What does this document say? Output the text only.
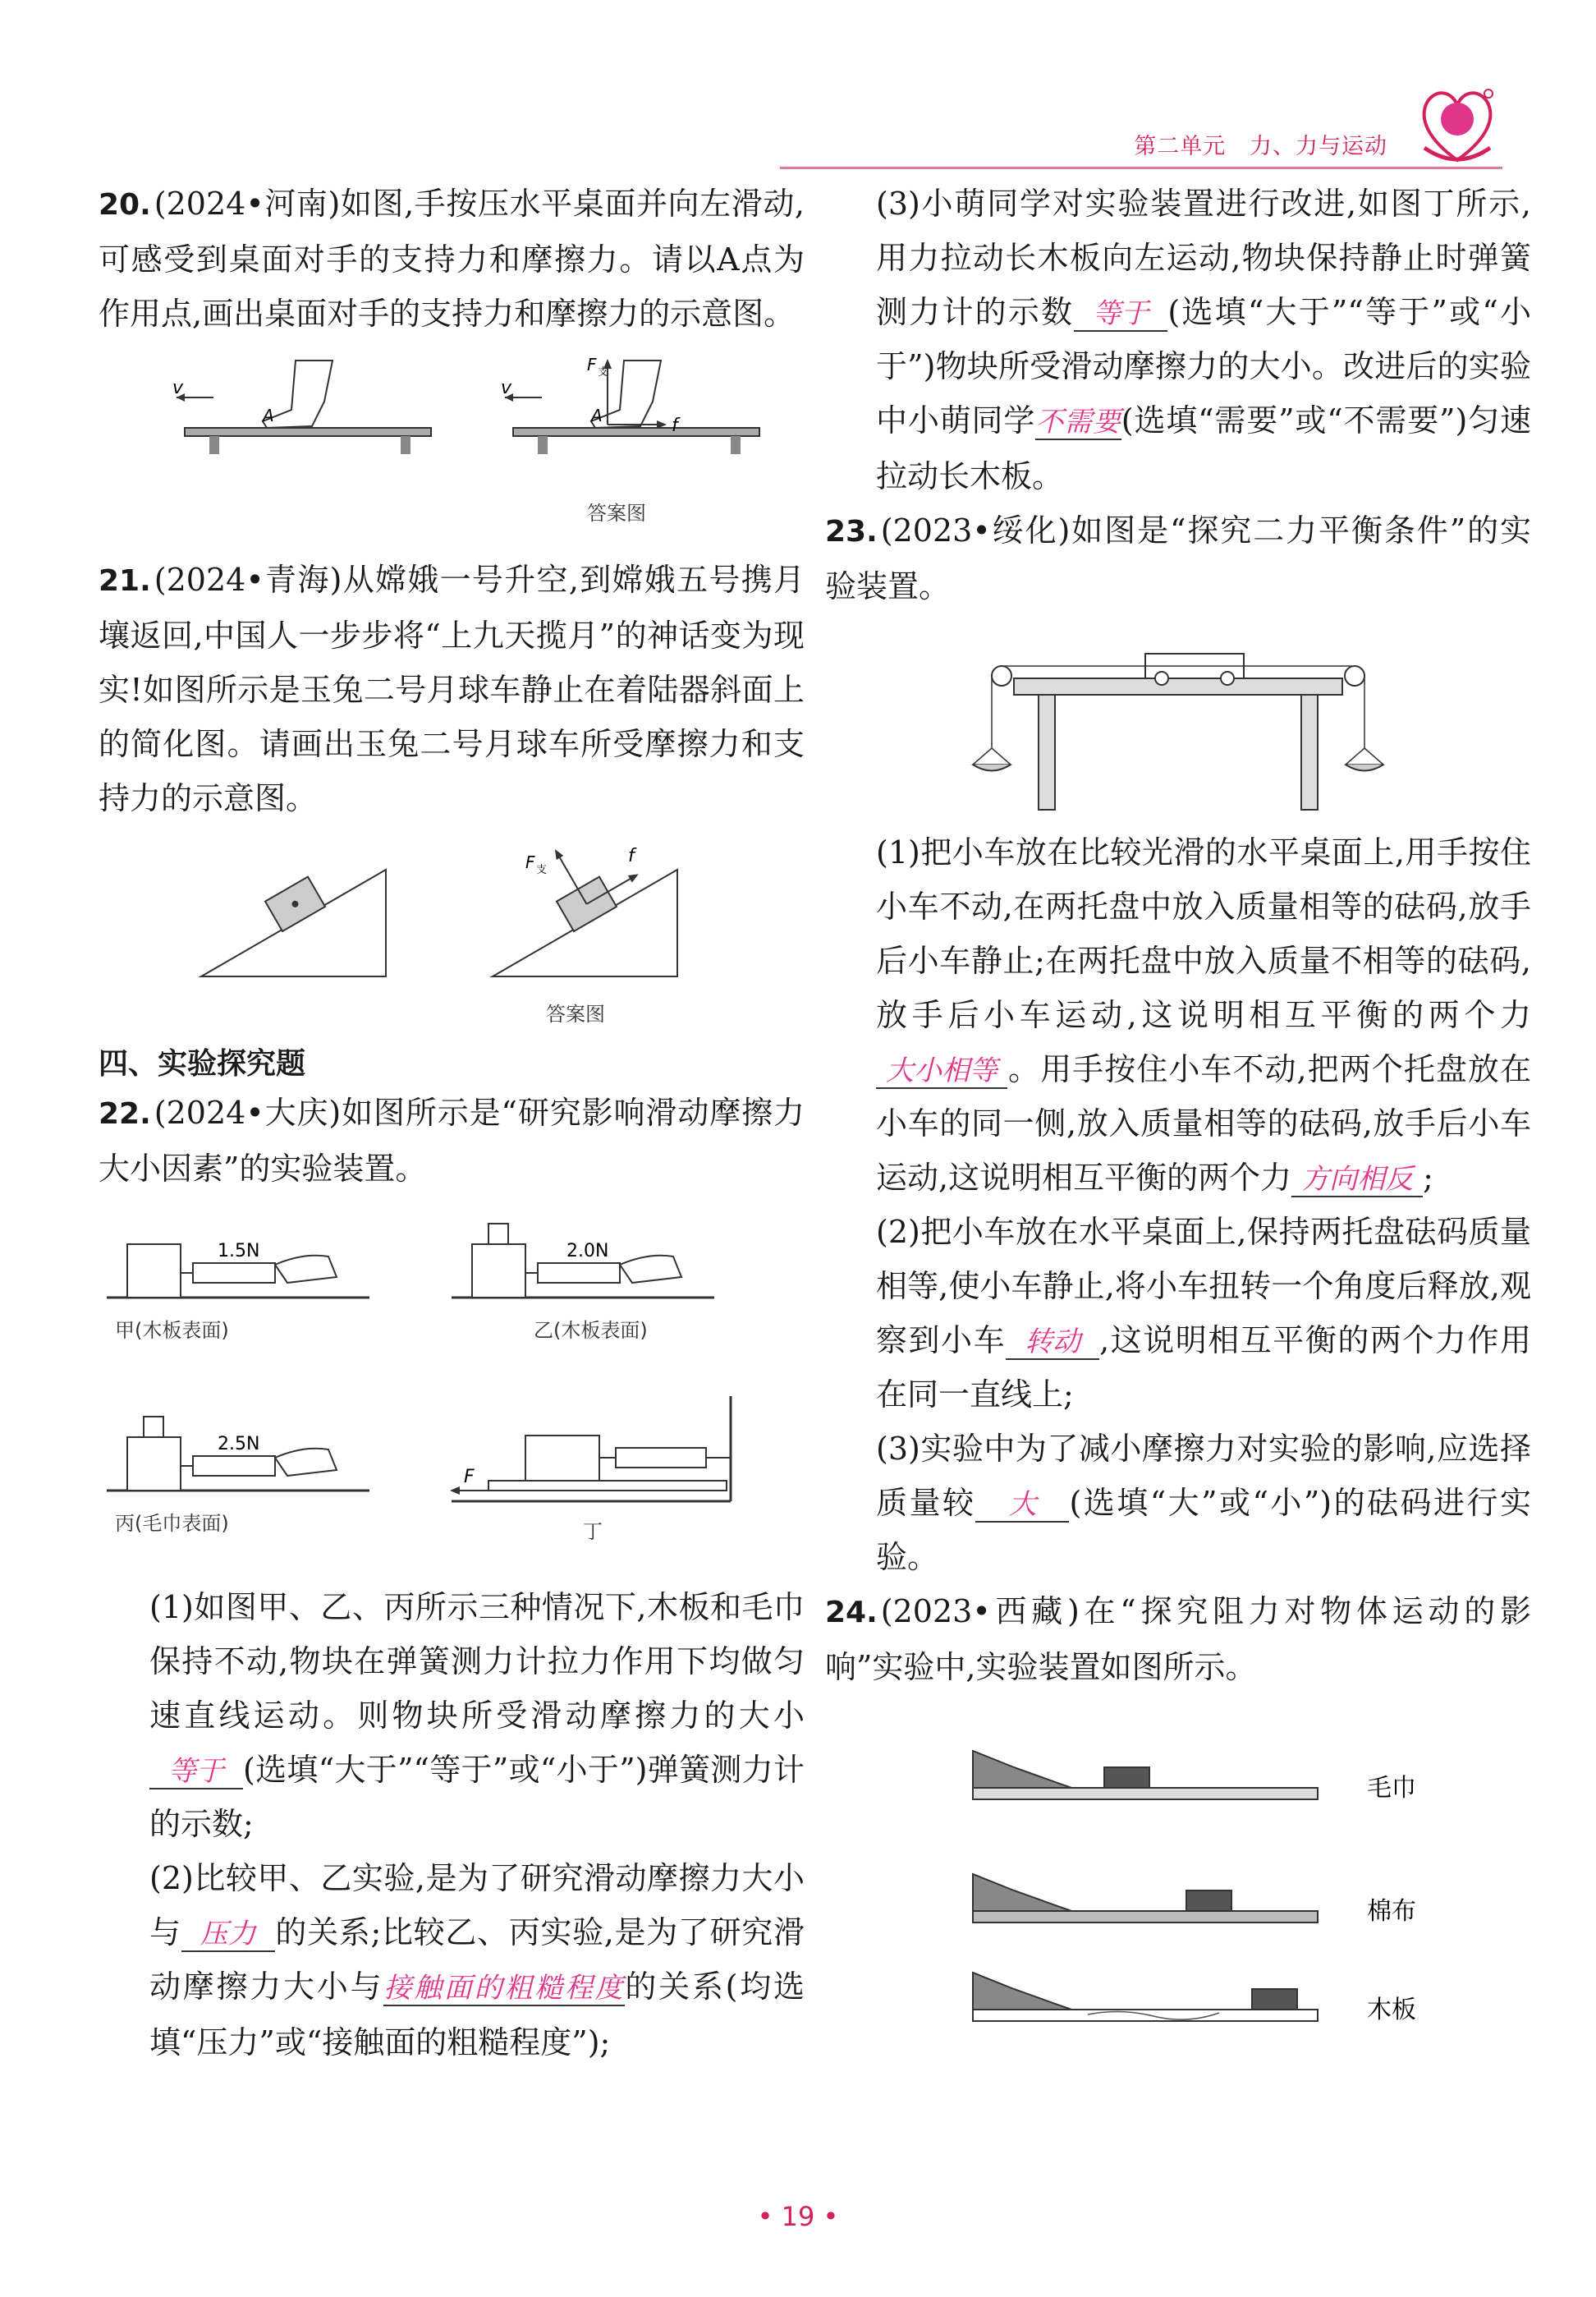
第二单元 力、力与运动

20. (2024•河南)如图,手按压水平桌面并向左滑动,可感受到桌面对手的支持力和摩擦力。请以A点为作用点,画出桌面对手的支持力和摩擦力的示意图。

v
A
v
A
F 支
f
答案图

21. (2024•青海)从嫦娥一号升空,到嫦娥五号携月壤返回,中国人一步步将“上九天揽月”的神话变为现实!如图所示是玉兔二号月球车静止在着陆器斜面上的简化图。请画出玉兔二号月球车所受摩擦力和支持力的示意图。

F 支
f
答案图
四、实验探究题

22. (2024•大庆)如图所示是“研究影响滑动摩擦力大小因素”的实验装置。

1.5N	2.0N
2.5N
F
甲(木板表面)	乙(木板表面)
丙(毛巾表面)	丁

(1)如图甲、乙、丙所示三种情况下,木板和毛巾保持不动,物块在弹簧测力计拉力作用下均做匀速直线运动。则物块所受滑动摩擦力的大小等于 (选填“大于”“等于”或“小于”)弹簧测力计的示数;

(2)比较甲、乙实验,是为了研究滑动摩擦力大小与 压力 的关系;比较乙、丙实验,是为了研究滑动摩擦力大小与接触面的粗糙程度的关系(均选填“压力”或“接触面的粗糙程度”);

(3)小萌同学对实验装置进行改进,如图丁所示,用力拉动长木板向左运动,物块保持静止时弹簧测力计的示数 等于 (选填“大于”“等于”或“小于”)物块所受滑动摩擦力的大小。改进后的实验中小萌同学不需要(选填“需要”或“不需要”)匀速拉动长木板。

23. (2023•绥化)如图是“探究二力平衡条件”的实验装置。

(1)把小车放在比较光滑的水平桌面上,用手按住小车不动,在两托盘中放入质量相等的砝码,放手后小车静止;在两托盘中放入质量不相等的砝码,放手后小车运动,这说明相互平衡的两个力大小相等 。用手按住小车不动,把两个托盘放在小车的同一侧,放入质量相等的砝码,放手后小车运动,这说明相互平衡的两个力 方向相反 ;

(2)把小车放在水平桌面上,保持两托盘砝码质量相等,使小车静止,将小车扭转一个角度后释放,观察到小车 转动 ,这说明相互平衡的两个力作用在同一直线上;

(3)实验中为了减小摩擦力对实验的影响,应选择质量较 大 (选填“大”或“小”)的砝码进行实验。

24. (2023•西藏)在“探究阻力对物体运动的影响”实验中,实验装置如图所示。

毛巾
棉布
木板
• 19 •
